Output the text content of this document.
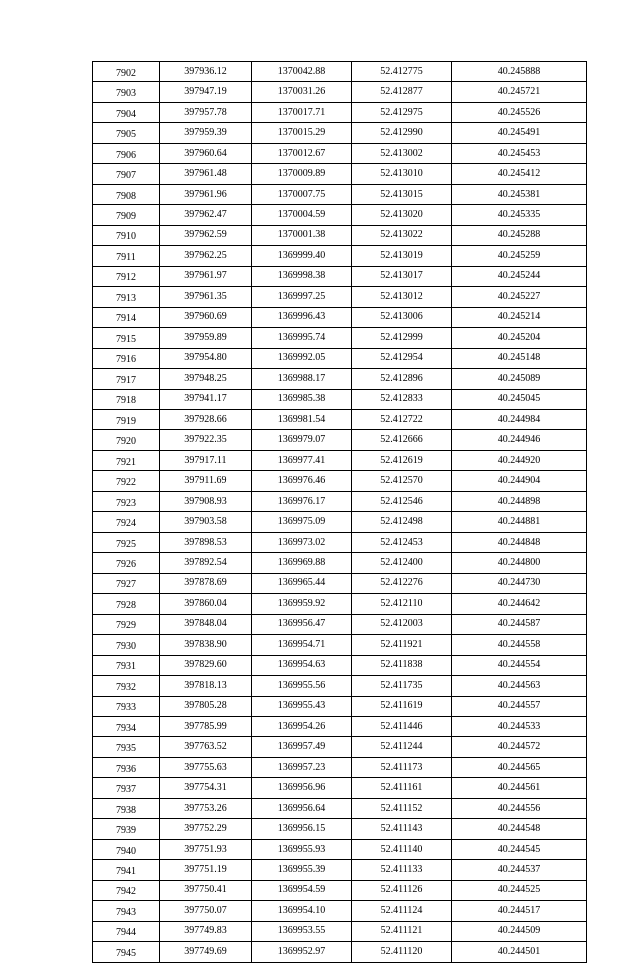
7902	397936.12	1370042.88	52.412775	40.245888
7903	397947.19	1370031.26	52.412877	40.245721
7904	397957.78	1370017.71	52.412975	40.245526
7905	397959.39	1370015.29	52.412990	40.245491
7906	397960.64	1370012.67	52.413002	40.245453
7907	397961.48	1370009.89	52.413010	40.245412
7908	397961.96	1370007.75	52.413015	40.245381
7909	397962.47	1370004.59	52.413020	40.245335
7910	397962.59	1370001.38	52.413022	40.245288
7911	397962.25	1369999.40	52.413019	40.245259
7912	397961.97	1369998.38	52.413017	40.245244
7913	397961.35	1369997.25	52.413012	40.245227
7914	397960.69	1369996.43	52.413006	40.245214
7915	397959.89	1369995.74	52.412999	40.245204
7916	397954.80	1369992.05	52.412954	40.245148
7917	397948.25	1369988.17	52.412896	40.245089
7918	397941.17	1369985.38	52.412833	40.245045
7919	397928.66	1369981.54	52.412722	40.244984
7920	397922.35	1369979.07	52.412666	40.244946
7921	397917.11	1369977.41	52.412619	40.244920
7922	397911.69	1369976.46	52.412570	40.244904
7923	397908.93	1369976.17	52.412546	40.244898
7924	397903.58	1369975.09	52.412498	40.244881
7925	397898.53	1369973.02	52.412453	40.244848
7926	397892.54	1369969.88	52.412400	40.244800
7927	397878.69	1369965.44	52.412276	40.244730
7928	397860.04	1369959.92	52.412110	40.244642
7929	397848.04	1369956.47	52.412003	40.244587
7930	397838.90	1369954.71	52.411921	40.244558
7931	397829.60	1369954.63	52.411838	40.244554
7932	397818.13	1369955.56	52.411735	40.244563
7933	397805.28	1369955.43	52.411619	40.244557
7934	397785.99	1369954.26	52.411446	40.244533
7935	397763.52	1369957.49	52.411244	40.244572
7936	397755.63	1369957.23	52.411173	40.244565
7937	397754.31	1369956.96	52.411161	40.244561
7938	397753.26	1369956.64	52.411152	40.244556
7939	397752.29	1369956.15	52.411143	40.244548
7940	397751.93	1369955.93	52.411140	40.244545
7941	397751.19	1369955.39	52.411133	40.244537
7942	397750.41	1369954.59	52.411126	40.244525
7943	397750.07	1369954.10	52.411124	40.244517
7944	397749.83	1369953.55	52.411121	40.244509
7945	397749.69	1369952.97	52.411120	40.244501
